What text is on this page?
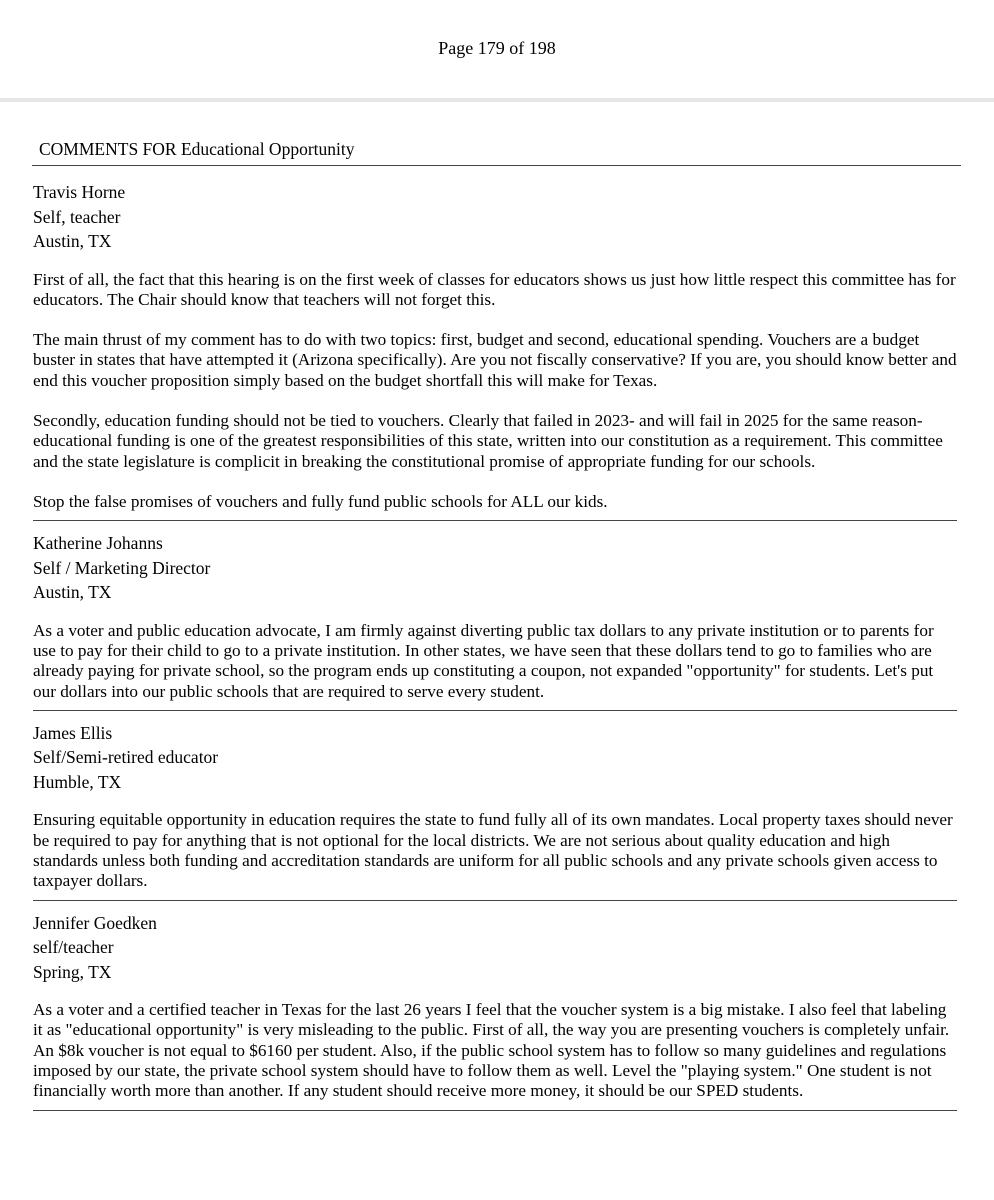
Page 179 of 198
COMMENTS FOR Educational Opportunity
Travis Horne
Self, teacher
Austin, TX

First of all, the fact that this hearing is on the first week of classes for educators shows us just how little respect this committee has for educators. The Chair should know that teachers will not forget this.

The main thrust of my comment has to do with two topics: first, budget and second, educational spending. Vouchers are a budget buster in states that have attempted it (Arizona specifically). Are you not fiscally conservative? If you are, you should know better and end this voucher proposition simply based on the budget shortfall this will make for Texas.

Secondly, education funding should not be tied to vouchers. Clearly that failed in 2023- and will fail in 2025 for the same reason- educational funding is one of the greatest responsibilities of this state, written into our constitution as a requirement. This committee and the state legislature is complicit in breaking the constitutional promise of appropriate funding for our schools.

Stop the false promises of vouchers and fully fund public schools for ALL our kids.

Katherine Johanns
Self / Marketing Director
Austin, TX

As a voter and public education advocate, I am firmly against diverting public tax dollars to any private institution or to parents for use to pay for their child to go to a private institution. In other states, we have seen that these dollars tend to go to families who are already paying for private school, so the program ends up constituting a coupon, not expanded "opportunity" for students. Let's put our dollars into our public schools that are required to serve every student.

James Ellis
Self/Semi-retired educator
Humble, TX

Ensuring equitable opportunity in education requires the state to fund fully all of its own mandates. Local property taxes should never be required to pay for anything that is not optional for the local districts. We are not serious about quality education and high standards unless both funding and accreditation standards are uniform for all public schools and any private schools given access to taxpayer dollars.

Jennifer Goedken
self/teacher
Spring, TX

As a voter and a certified teacher in Texas for the last 26 years I feel that the voucher system is a big mistake. I also feel that labeling it as "educational opportunity" is very misleading to the public. First of all, the way you are presenting vouchers is completely unfair. An $8k voucher is not equal to $6160 per student. Also, if the public school system has to follow so many guidelines and regulations imposed by our state, the private school system should have to follow them as well. Level the "playing system." One student is not financially worth more than another. If any student should receive more money, it should be our SPED students.
